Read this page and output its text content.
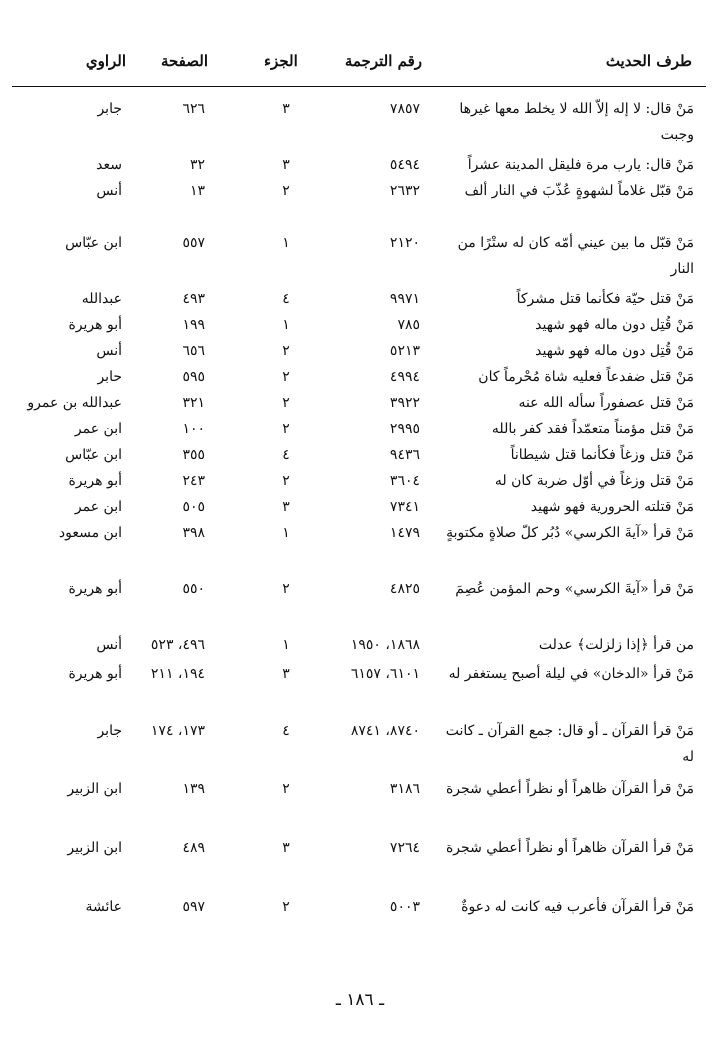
طرف الحديث
رقم الترجمة
الجزء
الصفحة
الراوي
مَنْ قال: لا إله إلاّ الله لا يخلط معها غيرها وجبت
٧٨٥٧
٣
٦٢٦
جابر
مَنْ قال: يارب مرة فليقل المدينة عشراً
٥٤٩٤
٣
٣٢
سعد
مَنْ قبّل غلاماً لشهوةٍ عُذّبَ في النار ألف
٢٦٣٢
٢
١٣
أنس
مَنْ قبّل ما بين عيني أمّه كان له ستْرًا من النار
٢١٢٠
١
٥٥٧
ابن عبّاس
مَنْ قتل حيّة فكأنما قتل مشركاً
٩٩٧١
٤
٤٩٣
عبدالله
مَنْ قُتِل دون ماله فهو شهيد
٧٨٥
١
١٩٩
أبو هريرة
مَنْ قُتِل دون ماله فهو شهيد
٥٢١٣
٢
٦٥٦
أنس
مَنْ قتل ضفدعاً فعليه شاة مُحْرماً كان
٤٩٩٤
٢
٥٩٥
حابر
مَنْ قتل عصفوراً سأله الله عنه
٣٩٢٢
٢
٣٢١
عبدالله بن عمرو
مَنْ قتل مؤمناً متعمّداً فقد كفر بالله
٢٩٩٥
٢
١٠٠
ابن عمر
مَنْ قتل وزغاً فكأنما قتل شيطاناً
٩٤٣٦
٤
٣٥٥
ابن عبّاس
مَنْ قتل وزغاً في أوّل ضربة كان له
٣٦٠٤
٢
٢٤٣
أبو هريرة
مَنْ قتلته الحرورية فهو شهيد
٧٣٤١
٣
٥٠٥
ابن عمر
مَنْ قرأ «آيةَ الكرسي» دُبُر كلّ صلاةٍ مكتوبةٍ
١٤٧٩
١
٣٩٨
ابن مسعود
مَنْ قرأ «آيةَ الكرسي» وحم المؤمن عُصِمَ
٤٨٢٥
٢
٥٥٠
أبو هريرة
من قرأ ﴿إذا زلزلت﴾ عدلت
١٨٦٨، ١٩٥٠
١
٤٩٦، ٥٢٣
أنس
مَنْ قرأ «الدخان» في ليلة أصبح يستغفر له
٦١٠١، ٦١٥٧
٣
١٩٤، ٢١١
أبو هريرة
مَنْ قرأ القرآن ـ أو قال: جمع القرآن ـ كانت له
٨٧٤٠، ٨٧٤١
٤
١٧٣، ١٧٤
جابر
مَنْ قرأ القرآن ظاهراً أو نظراً أعطي شجرة
٣١٨٦
٢
١٣٩
ابن الزبير
مَنْ قرأ القرآن ظاهراً أو نظراً أعطي شجرة
٧٢٦٤
٣
٤٨٩
ابن الزبير
مَنْ قرأ القرآن فأعرب فيه كانت له دعوةٌ
٥٠٠٣
٢
٥٩٧
عائشة
ـ ١٨٦ ـ
